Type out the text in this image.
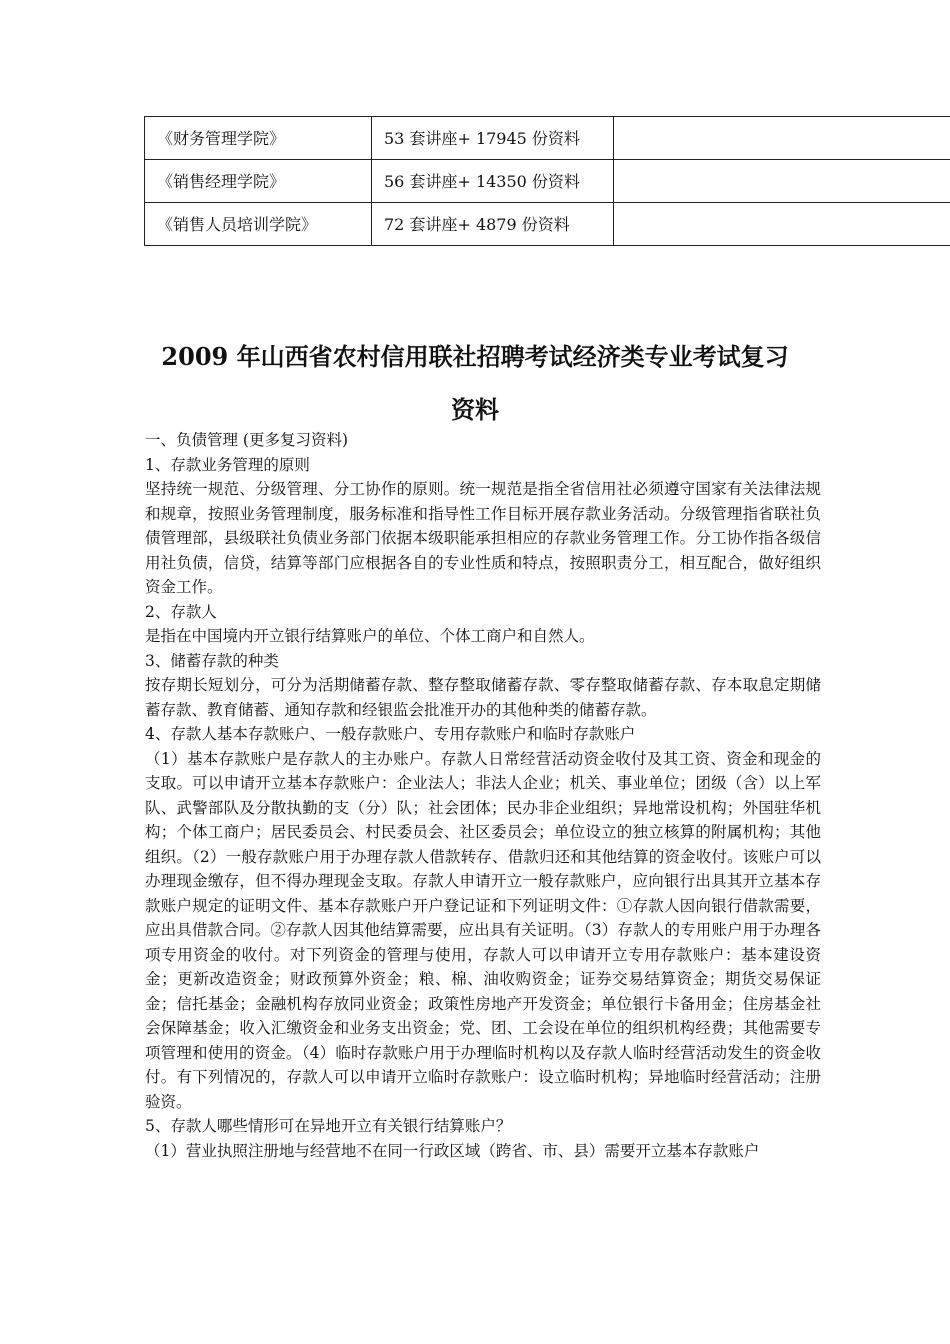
《财务管理学院》	53 套讲座+ 17945 份资料	
《销售经理学院》	56 套讲座+ 14350 份资料	
《销售人员培训学院》	72 套讲座+ 4879 份资料	
2009 年山西省农村信用联社招聘考试经济类专业考试复习
资料

一、负债管理 (更多复习资料)

1、存款业务管理的原则

坚持统一规范、分级管理、分工协作的原则。统一规范是指全省信用社必须遵守国家有关法律法规和规章，按照业务管理制度，服务标准和指导性工作目标开展存款业务活动。分级管理指省联社负债管理部，县级联社负债业务部门依据本级职能承担相应的存款业务管理工作。分工协作指各级信用社负债，信贷，结算等部门应根据各自的专业性质和特点，按照职责分工，相互配合，做好组织资金工作。

2、存款人

是指在中国境内开立银行结算账户的单位、个体工商户和自然人。

3、储蓄存款的种类

按存期长短划分，可分为活期储蓄存款、整存整取储蓄存款、零存整取储蓄存款、存本取息定期储蓄存款、教育储蓄、通知存款和经银监会批准开办的其他种类的储蓄存款。

4、存款人基本存款账户、一般存款账户、专用存款账户和临时存款账户

（1）基本存款账户是存款人的主办账户。存款人日常经营活动资金收付及其工资、资金和现金的支取。可以申请开立基本存款账户：企业法人；非法人企业；机关、事业单位；团级（含）以上军队、武警部队及分散执勤的支（分）队；社会团体；民办非企业组织；异地常设机构；外国驻华机构；个体工商户；居民委员会、村民委员会、社区委员会；单位设立的独立核算的附属机构；其他组织。（2）一般存款账户用于办理存款人借款转存、借款归还和其他结算的资金收付。该账户可以办理现金缴存，但不得办理现金支取。存款人申请开立一般存款账户，应向银行出具其开立基本存款账户规定的证明文件、基本存款账户开户登记证和下列证明文件：①存款人因向银行借款需要，应出具借款合同。②存款人因其他结算需要，应出具有关证明。（3）存款人的专用账户用于办理各项专用资金的收付。对下列资金的管理与使用，存款人可以申请开立专用存款账户：基本建设资金；更新改造资金；财政预算外资金；粮、棉、油收购资金；证券交易结算资金；期货交易保证金；信托基金；金融机构存放同业资金；政策性房地产开发资金；单位银行卡备用金；住房基金社会保障基金；收入汇缴资金和业务支出资金；党、团、工会设在单位的组织机构经费；其他需要专项管理和使用的资金。（4）临时存款账户用于办理临时机构以及存款人临时经营活动发生的资金收付。有下列情况的，存款人可以申请开立临时存款账户：设立临时机构；异地临时经营活动；注册验资。

5、存款人哪些情形可在异地开立有关银行结算账户？

（1）营业执照注册地与经营地不在同一行政区域（跨省、市、县）需要开立基本存款账户
